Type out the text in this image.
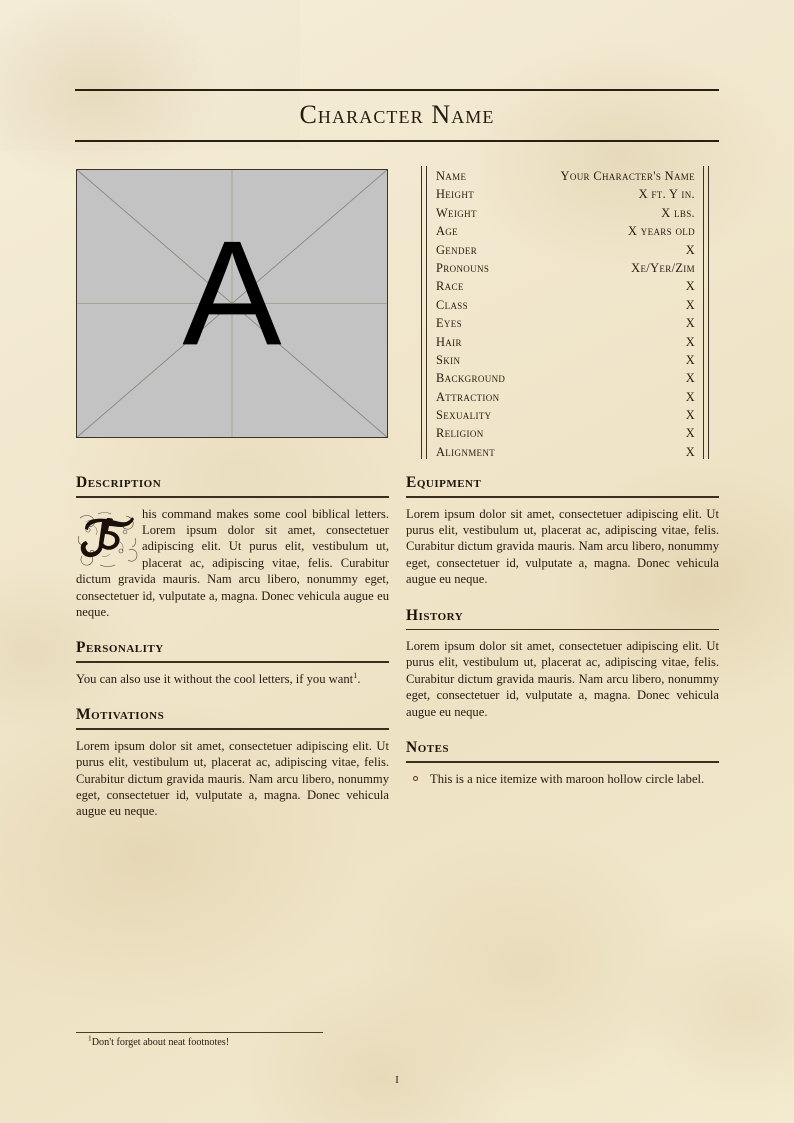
Character Name
A
Name	Your Character's Name
Height	X ft. Y in.
Weight	X lbs.
Age	X years old
Gender	X
Pronouns	Xe/Yer/Zim
Race	X
Class	X
Eyes	X
Hair	X
Skin	X
Background	X
Attraction	X
Sexuality	X
Religion	X
Alignment	X
Description

his command makes some cool biblical letters. Lorem ipsum dolor sit amet, consectetuer adipiscing elit. Ut purus elit, vestibulum ut, placerat ac, adipiscing vitae, felis. Curabitur dictum gravida mauris. Nam arcu libero, nonummy eget, consectetuer id, vulputate a, magna. Donec vehicula augue eu neque.

Personality

You can also use it without the cool letters, if you want$^1$.

Motivations

Lorem ipsum dolor sit amet, consectetuer adipiscing elit. Ut purus elit, vestibulum ut, placerat ac, adipiscing vitae, felis. Curabitur dictum gravida mauris. Nam arcu libero, nonummy eget, consectetuer id, vulputate a, magna. Donec vehicula augue eu neque.

Equipment

Lorem ipsum dolor sit amet, consectetuer adipiscing elit. Ut purus elit, vestibulum ut, placerat ac, adipiscing vitae, felis. Curabitur dictum gravida mauris. Nam arcu libero, nonummy eget, consectetuer id, vulputate a, magna. Donec vehicula augue eu neque.

History

Lorem ipsum dolor sit amet, consectetuer adipiscing elit. Ut purus elit, vestibulum ut, placerat ac, adipiscing vitae, felis. Curabitur dictum gravida mauris. Nam arcu libero, nonummy eget, consectetuer id, vulputate a, magna. Donec vehicula augue eu neque.

Notes
This is a nice itemize with maroon hollow circle label.
$^1$Don't forget about neat footnotes!
I
